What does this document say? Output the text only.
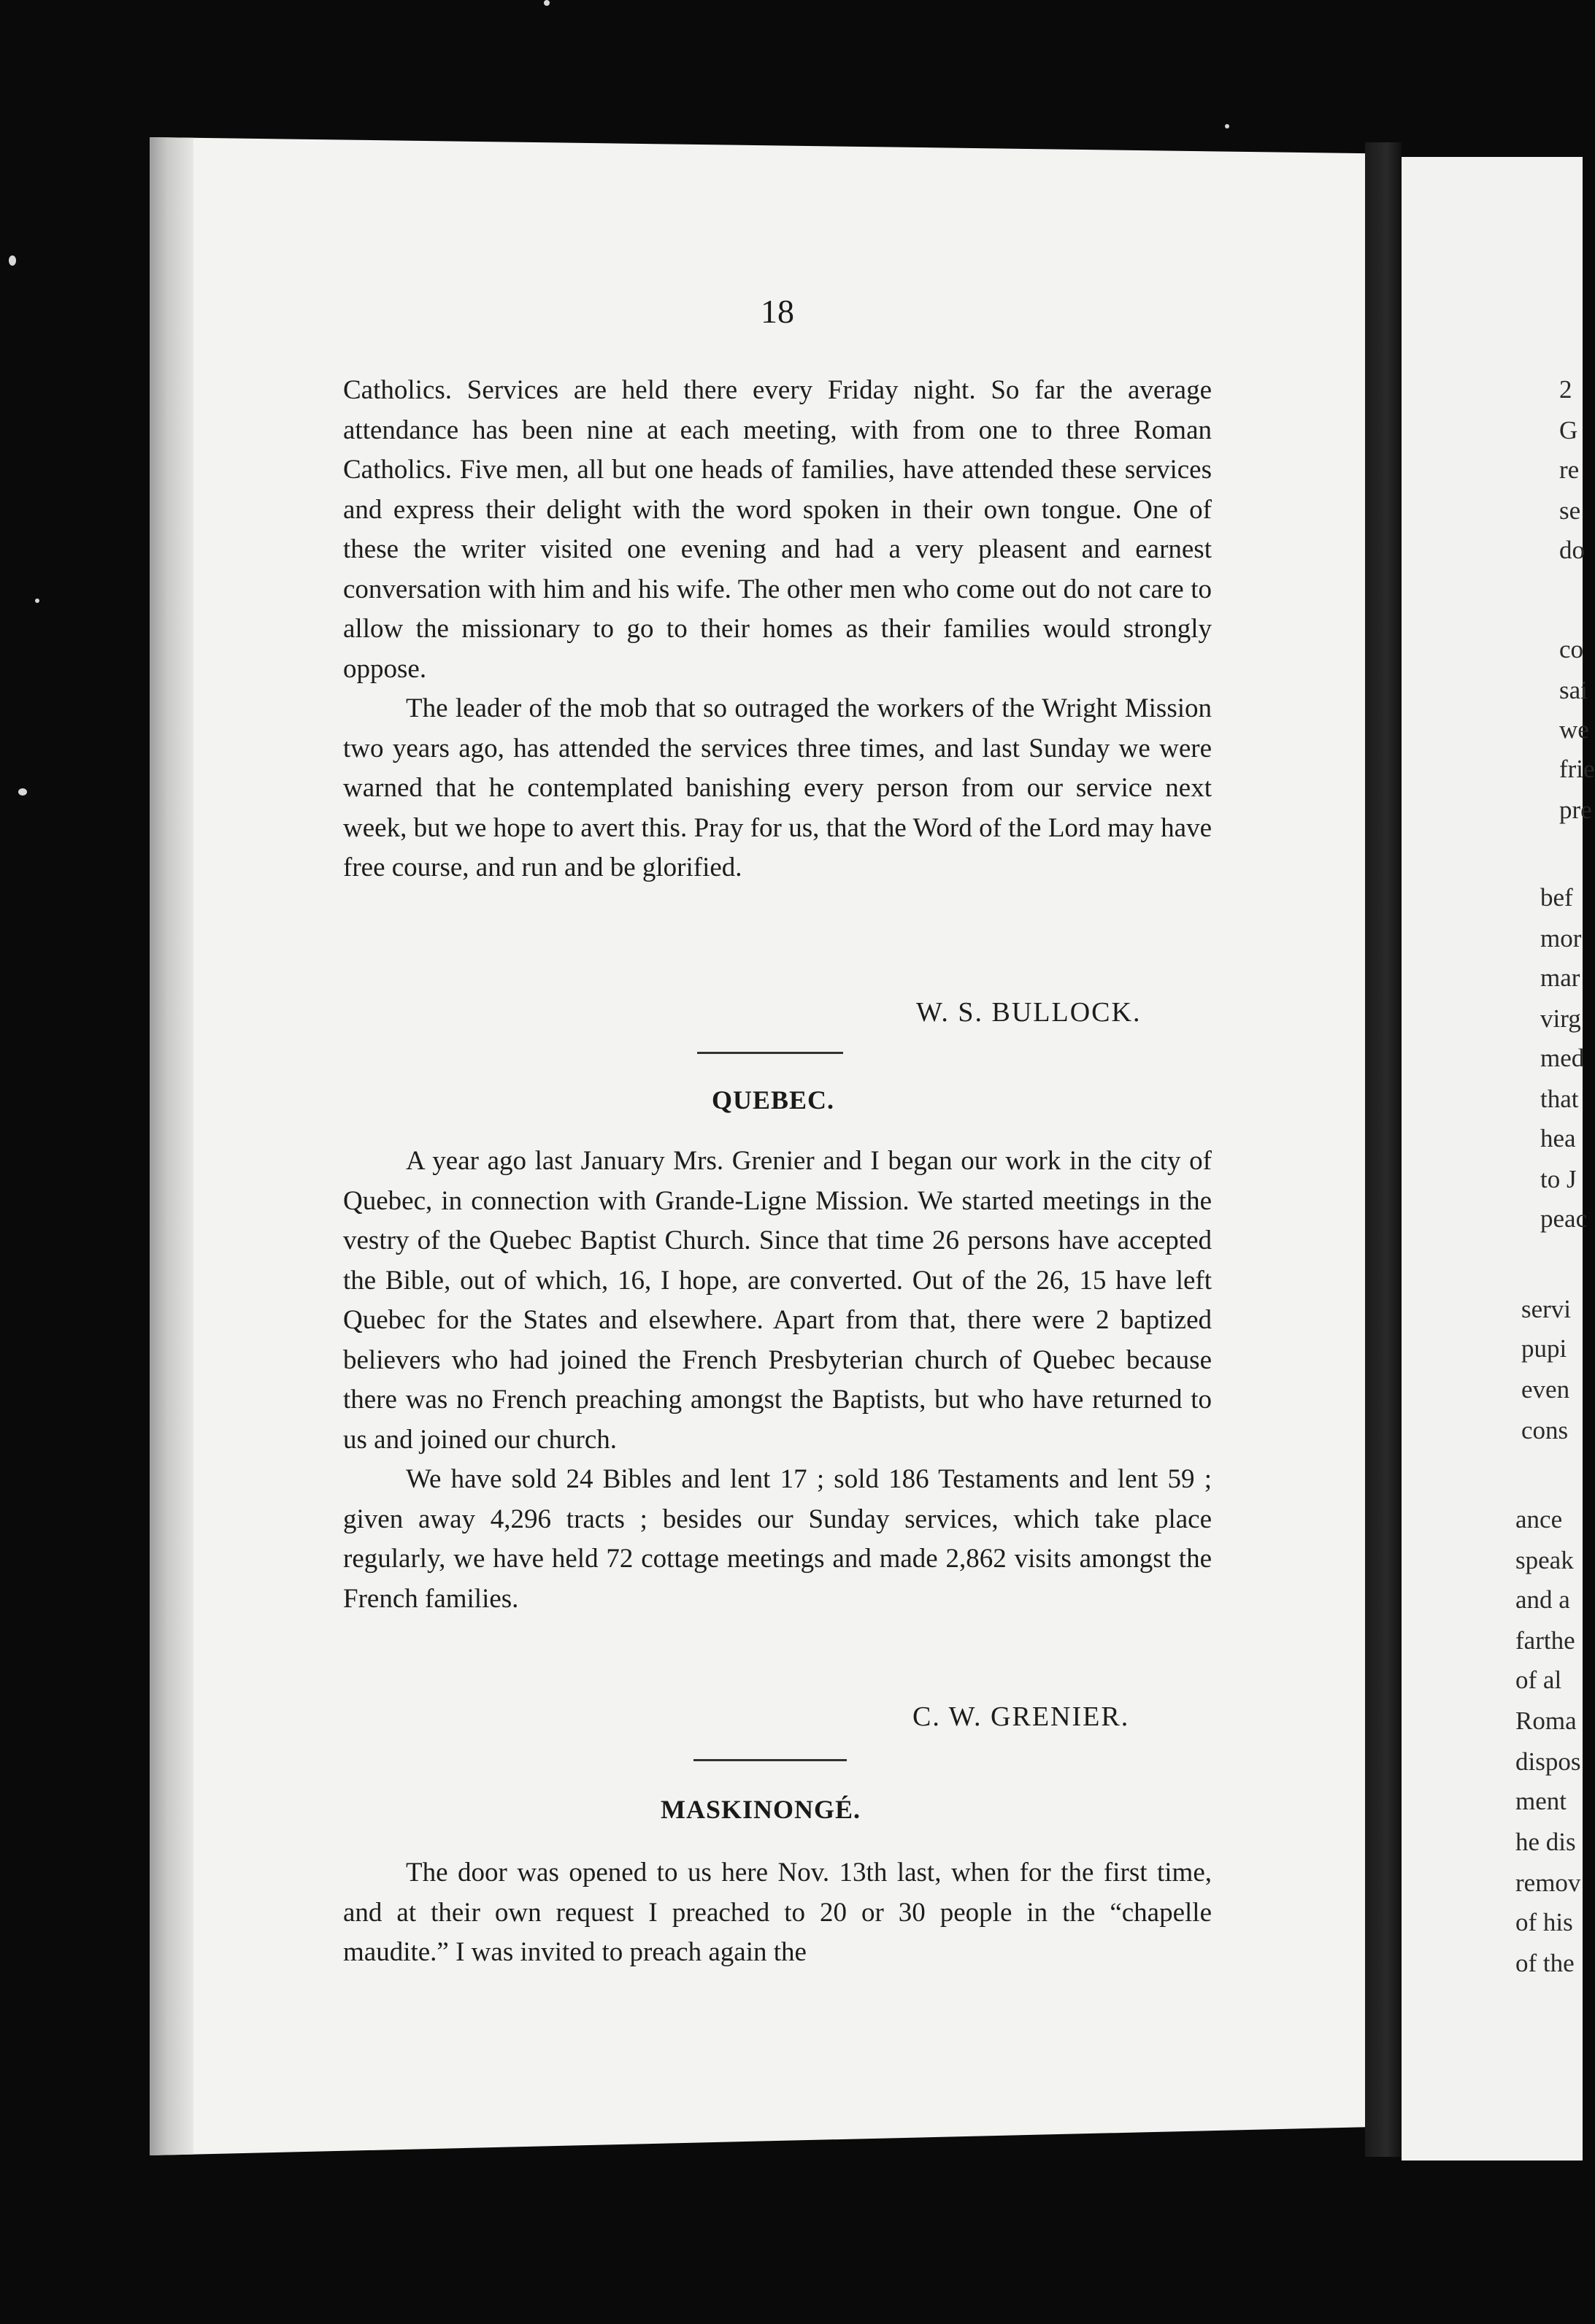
18

Catholics. Services are held there every Friday night. So far the average attendance has been nine at each meeting, with from one to three Roman Catholics. Five men, all but one heads of families, have attended these services and express their delight with the word spoken in their own tongue. One of these the writer visited one evening and had a very pleasent and earnest conversation with him and his wife. The other men who come out do not care to allow the missionary to go to their homes as their families would strongly oppose.

The leader of the mob that so outraged the workers of the Wright Mission two years ago, has attended the services three times, and last Sunday we were warned that he contemplated banishing every person from our service next week, but we hope to avert this. Pray for us, that the Word of the Lord may have free course, and run and be glorified.

W. S. BULLOCK.
QUEBEC.

A year ago last January Mrs. Grenier and I began our work in the city of Quebec, in connection with Grande-Ligne Mission. We started meetings in the vestry of the Quebec Baptist Church. Since that time 26 persons have accepted the Bible, out of which, 16, I hope, are converted. Out of the 26, 15 have left Quebec for the States and elsewhere. Apart from that, there were 2 baptized believers who had joined the French Presbyterian church of Quebec because there was no French preaching amongst the Baptists, but who have returned to us and joined our church.

We have sold 24 Bibles and lent 17 ; sold 186 Testaments and lent 59 ; given away 4,296 tracts ; besides our Sunday services, which take place regularly, we have held 72 cottage meetings and made 2,862 visits amongst the French families.

C. W. GRENIER.
MASKINONGÉ.

The door was opened to us here Nov. 13th last, when for the first time, and at their own request I preached to 20 or 30 people in the “chapelle maudite.” I was invited to preach again the

2
G
re
se
do
co
sai
we
frie
pre
bef
mor
mar
virg
med
that
hea
to J
peac
servi
pupi
even
cons
ance
speak
and a
farthe
of al
Roma
dispos
ment
he dis
remov
of his
of the
